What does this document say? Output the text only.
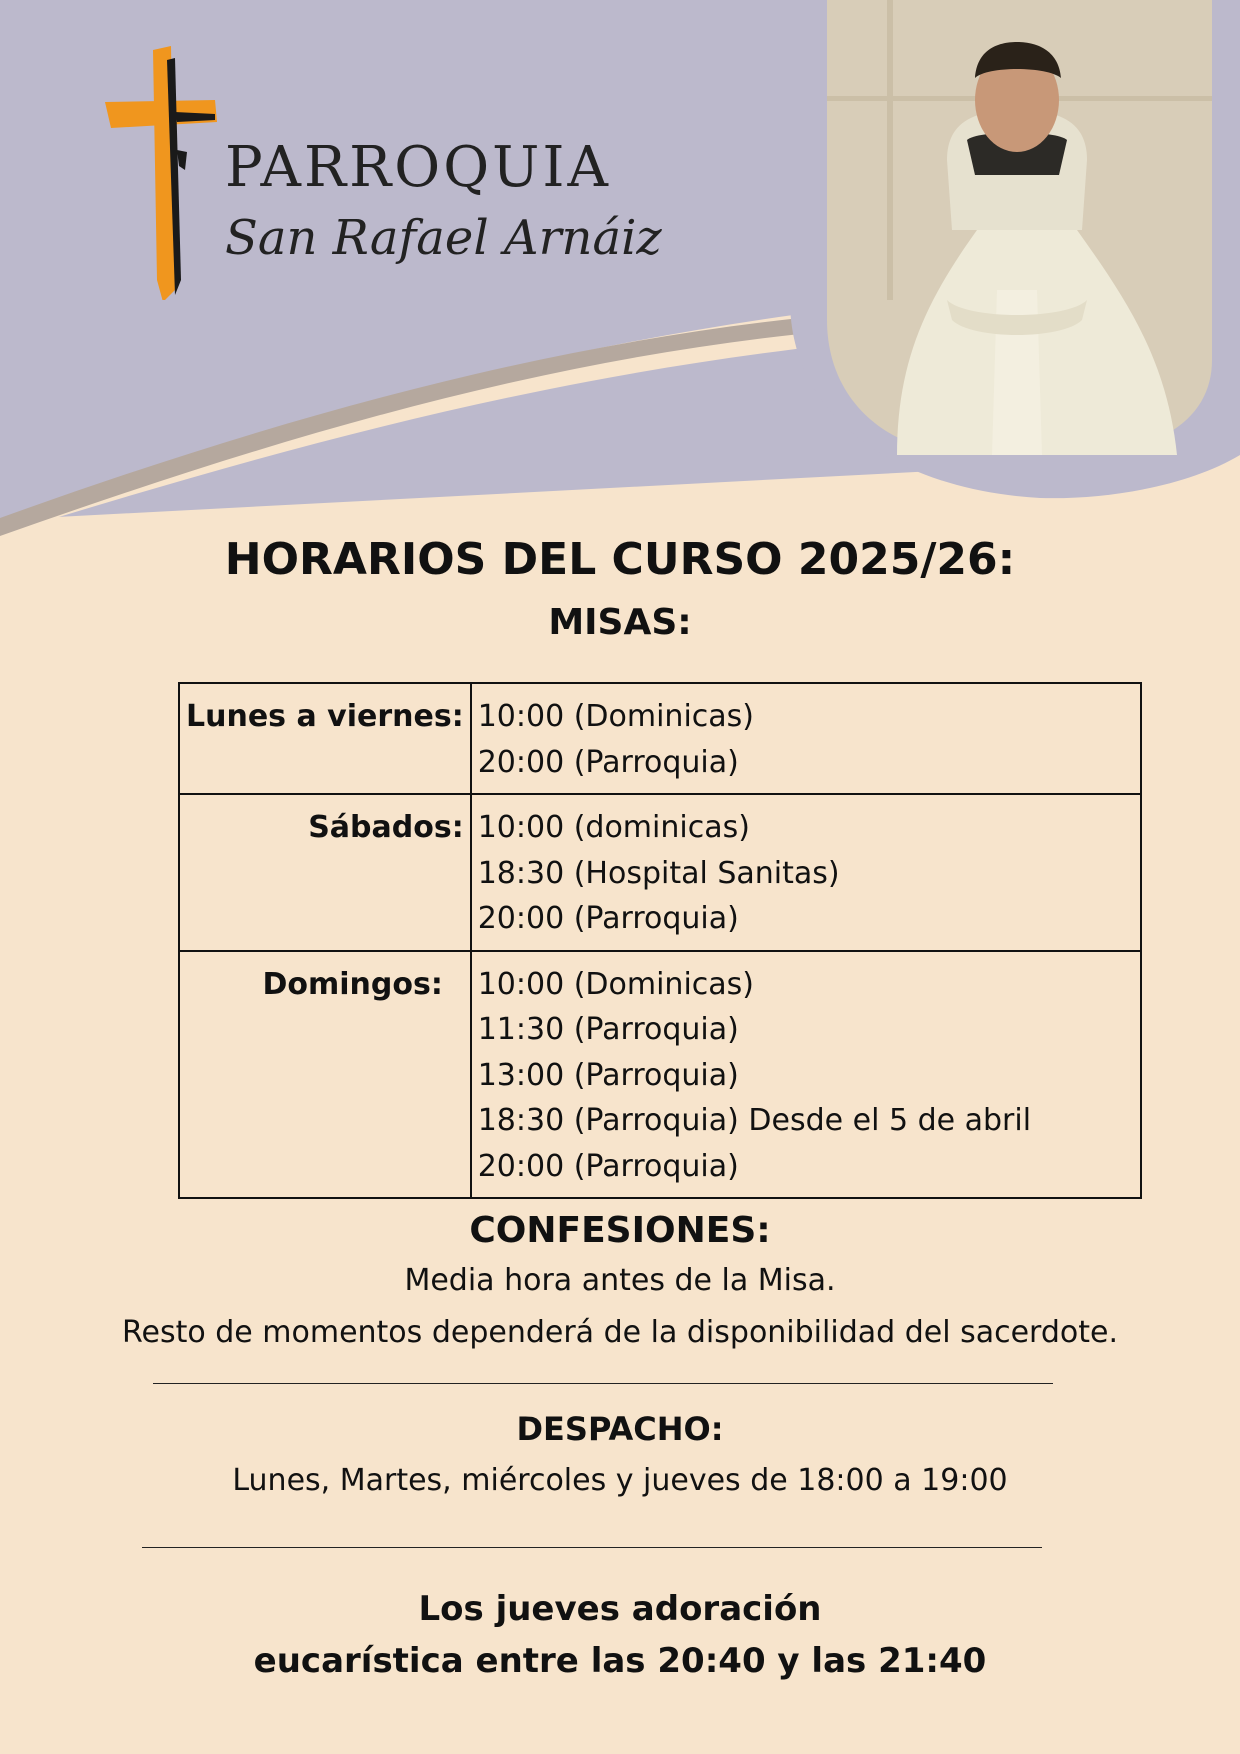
PARROQUIA

San Rafael Arnáiz

HORARIOS DEL CURSO 2025/26:
MISAS:
Lunes a viernes:	10:00 (Dominicas)
20:00 (Parroquia)

Sábados:	10:00 (dominicas)
18:30 (Hospital Sanitas)
20:00 (Parroquia)

Domingos:	10:00 (Dominicas)
11:30 (Parroquia)
13:00 (Parroquia)
18:30 (Parroquia) Desde el 5 de abril
20:00 (Parroquia)
CONFESIONES:

Media hora antes de la Misa.

Resto de momentos dependerá de la disponibilidad del sacerdote.

DESPACHO:

Lunes, Martes, miércoles y jueves de 18:00 a 19:00

Los jueves adoración
eucarística entre las 20:40 y las 21:40
